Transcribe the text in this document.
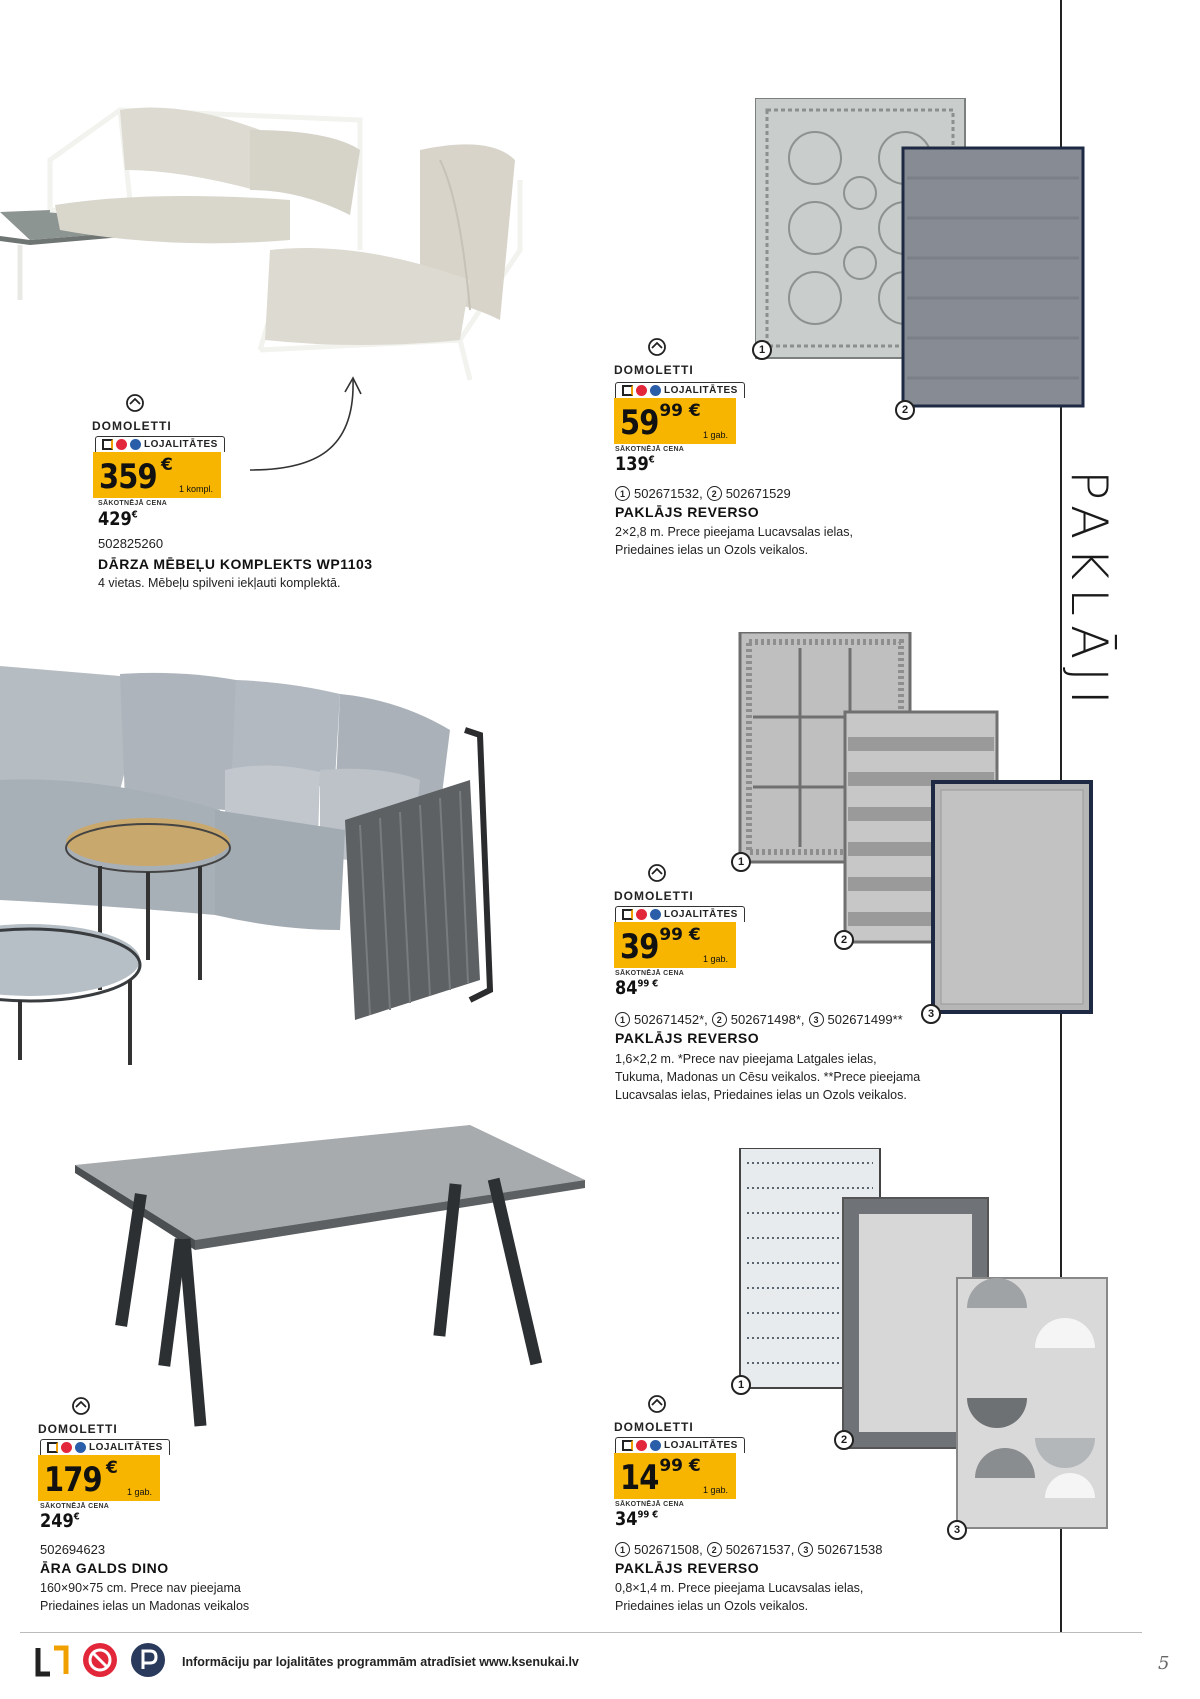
PAKLĀJI
DOMOLETTI
LOJALITĀTES
359 €
1 kompl.
SĀKOTNĒJĀ CENA
429€
502825260
DĀRZA MĒBEĻU KOMPLEKTS WP1103
4 vietas. Mēbeļu spilveni iekļauti komplektā.
1
2
DOMOLETTI
LOJALITĀTES
59 99 €
1 gab.
SĀKOTNĒJĀ CENA
139€
1 502671532, 2 502671529
PAKLĀJS REVERSO
2×2,8 m. Prece pieejama Lucavsalas ielas,
Priedaines ielas un Ozols veikalos.
1
2
3
DOMOLETTI
LOJALITĀTES
39 99 €
1 gab.
SĀKOTNĒJĀ CENA
$84^{99 €}$
1 502671452*, 2 502671498*, 3 502671499**
PAKLĀJS REVERSO
1,6×2,2 m. *Prece nav pieejama Latgales ielas,
Tukuma, Madonas un Cēsu veikalos. **Prece pieejama
Lucavsalas ielas, Priedaines ielas un Ozols veikalos.
DOMOLETTI
LOJALITĀTES
179 €
1 gab.
SĀKOTNĒJĀ CENA
249€
502694623
ĀRA GALDS DINO
160×90×75 cm. Prece nav pieejama
Priedaines ielas un Madonas veikalos
1
2
3
DOMOLETTI
LOJALITĀTES
14 99 €
1 gab.
SĀKOTNĒJĀ CENA
$34^{99 €}$
1 502671508, 2 502671537, 3 502671538
PAKLĀJS REVERSO
0,8×1,4 m. Prece pieejama Lucavsalas ielas,
Priedaines ielas un Ozols veikalos.
Informāciju par lojalitātes programmām atradīsiet www.ksenukai.lv	5
